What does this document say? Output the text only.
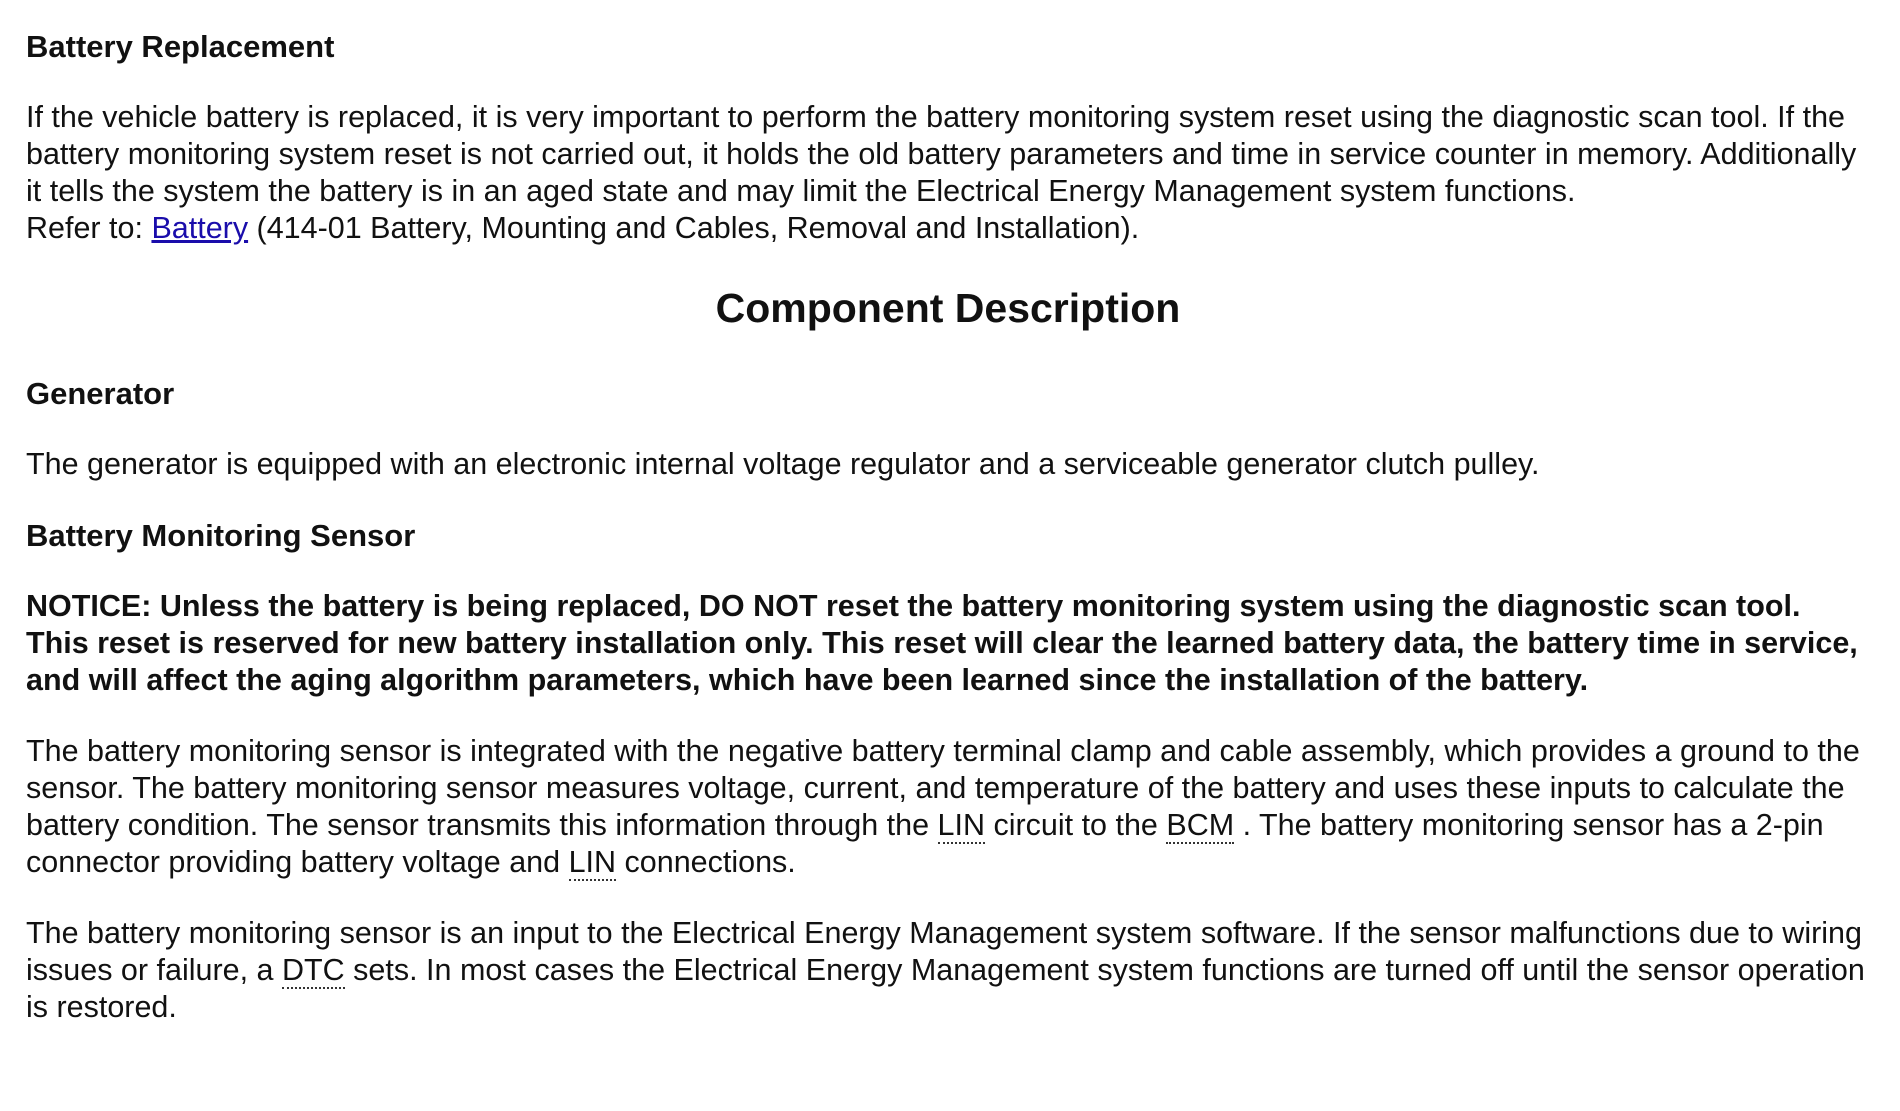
Battery Replacement

If the vehicle battery is replaced, it is very important to perform the battery monitoring system reset using the diagnostic scan tool. If the battery monitoring system reset is not carried out, it holds the old battery parameters and time in service counter in memory. Additionally it tells the system the battery is in an aged state and may limit the Electrical Energy Management system functions.

Refer to: Battery (414-01 Battery, Mounting and Cables, Removal and Installation).

Component Description
Generator

The generator is equipped with an electronic internal voltage regulator and a serviceable generator clutch pulley.

Battery Monitoring Sensor

NOTICE: Unless the battery is being replaced, DO NOT reset the battery monitoring system using the diagnostic scan tool. This reset is reserved for new battery installation only. This reset will clear the learned battery data, the battery time in service, and will affect the aging algorithm parameters, which have been learned since the installation of the battery.

The battery monitoring sensor is integrated with the negative battery terminal clamp and cable assembly, which provides a ground to the sensor. The battery monitoring sensor measures voltage, current, and temperature of the battery and uses these inputs to calculate the battery condition. The sensor transmits this information through the LIN circuit to the BCM . The battery monitoring sensor has a 2-pin connector providing battery voltage and LIN connections.

The battery monitoring sensor is an input to the Electrical Energy Management system software. If the sensor malfunctions due to wiring issues or failure, a DTC sets. In most cases the Electrical Energy Management system functions are turned off until the sensor operation is restored.
